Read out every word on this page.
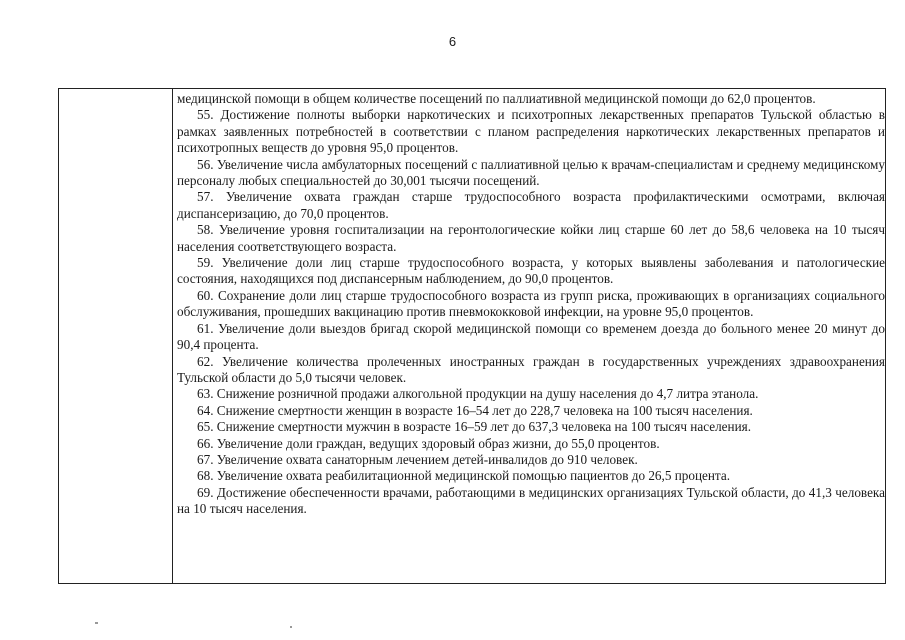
6

медицинской помощи в общем количестве посещений по паллиативной медицинской помощи до 62,0 процентов.

55. Достижение полноты выборки наркотических и психотропных лекарственных препаратов Тульской областью в рамках заявленных потребностей в соответствии с планом распределения наркотических лекарственных препаратов и психотропных веществ до уровня 95,0 процентов.

56. Увеличение числа амбулаторных посещений с паллиативной целью к врачам-специалистам и среднему медицинскому персоналу любых специальностей до 30,001 тысячи посещений.

57. Увеличение охвата граждан старше трудоспособного возраста профилактическими осмотрами, включая диспансеризацию, до 70,0 процентов.

58. Увеличение уровня госпитализации на геронтологические койки лиц старше 60 лет до 58,6 человека на 10 тысяч населения соответствующего возраста.

59. Увеличение доли лиц старше трудоспособного возраста, у которых выявлены заболевания и патологические состояния, находящихся под диспансерным наблюдением, до 90,0 процентов.

60. Сохранение доли лиц старше трудоспособного возраста из групп риска, проживающих в организациях социального обслуживания, прошедших вакцинацию против пневмококковой инфекции, на уровне 95,0 процентов.

61. Увеличение доли выездов бригад скорой медицинской помощи со временем доезда до больного менее 20 минут до 90,4 процента.

62. Увеличение количества пролеченных иностранных граждан в государственных учреждениях здравоохранения Тульской области до 5,0 тысячи человек.

63. Снижение розничной продажи алкогольной продукции на душу населения до 4,7 литра этанола.

64. Снижение смертности женщин в возрасте 16–54 лет до 228,7 человека на 100 тысяч населения.

65. Снижение смертности мужчин в возрасте 16–59 лет до 637,3 человека на 100 тысяч населения.

66. Увеличение доли граждан, ведущих здоровый образ жизни, до 55,0 процентов.

67. Увеличение охвата санаторным лечением детей-инвалидов до 910 человек.

68. Увеличение охвата реабилитационной медицинской помощью пациентов до 26,5 процента.

69. Достижение обеспеченности врачами, работающими в медицинских организациях Тульской области, до 41,3 человека на 10 тысяч населения.
